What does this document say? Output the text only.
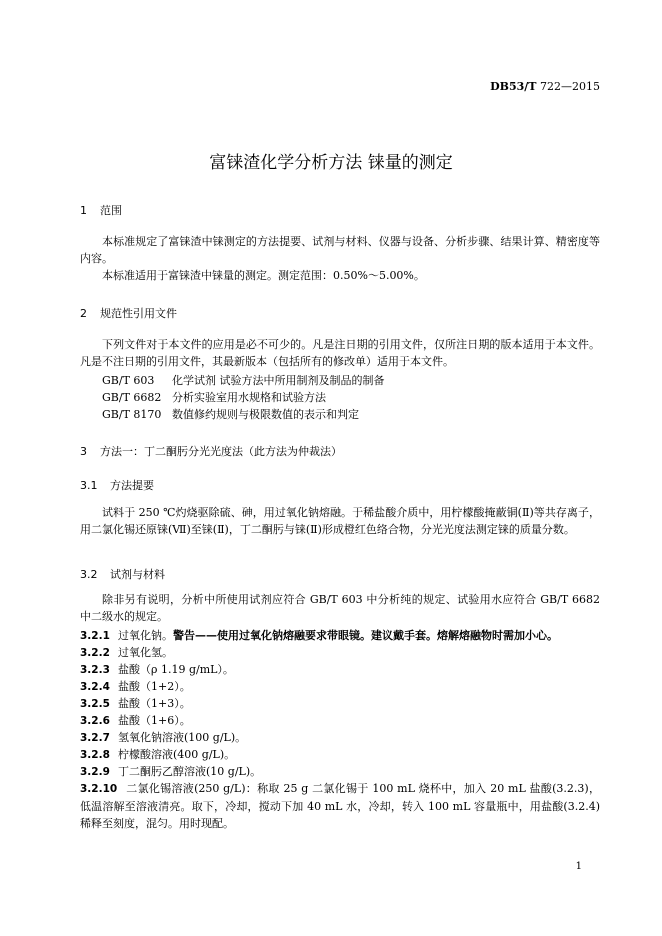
DB53/T 722—2015
富铼渣化学分析方法 铼量的测定
1 范围
本标准规定了富铼渣中铼测定的方法提要、试剂与材料、仪器与设备、分析步骤、结果计算、精密度等内容。
本标准适用于富铼渣中铼量的测定。测定范围：0.50%～5.00%。
2 规范性引用文件
下列文件对于本文件的应用是必不可少的。凡是注日期的引用文件，仅所注日期的版本适用于本文件。凡是不注日期的引用文件，其最新版本（包括所有的修改单）适用于本文件。
GB/T 603 化学试剂 试验方法中所用制剂及制品的制备
GB/T 6682 分析实验室用水规格和试验方法
GB/T 8170 数值修约规则与极限数值的表示和判定
3 方法一：丁二酮肟分光光度法（此方法为仲裁法）
3.1 方法提要
试料于 250 ℃灼烧驱除硫、砷，用过氧化钠熔融。于稀盐酸介质中，用柠檬酸掩蔽铜(Ⅱ)等共存离子，用二氯化锡还原铼(Ⅶ)至铼(Ⅱ)，丁二酮肟与铼(Ⅱ)形成橙红色络合物，分光光度法测定铼的质量分数。
3.2 试剂与材料
除非另有说明，分析中所使用试剂应符合 GB/T 603 中分析纯的规定、试验用水应符合 GB/T 6682 中二级水的规定。
3.2.1 过氧化钠。警告——使用过氧化钠熔融要求带眼镜。建议戴手套。熔解熔融物时需加小心。
3.2.2 过氧化氢。
3.2.3 盐酸（ρ 1.19 g/mL）。
3.2.4 盐酸（1+2）。
3.2.5 盐酸（1+3）。
3.2.6 盐酸（1+6）。
3.2.7 氢氧化钠溶液(100 g/L)。
3.2.8 柠檬酸溶液(400 g/L)。
3.2.9 丁二酮肟乙醇溶液(10 g/L)。
3.2.10 二氯化锡溶液(250 g/L)：称取 25 g 二氯化锡于 100 mL 烧杯中，加入 20 mL 盐酸(3.2.3)，低温溶解至溶液清亮。取下，冷却，搅动下加 40 mL 水，冷却，转入 100 mL 容量瓶中，用盐酸(3.2.4)稀释至刻度，混匀。用时现配。
1
